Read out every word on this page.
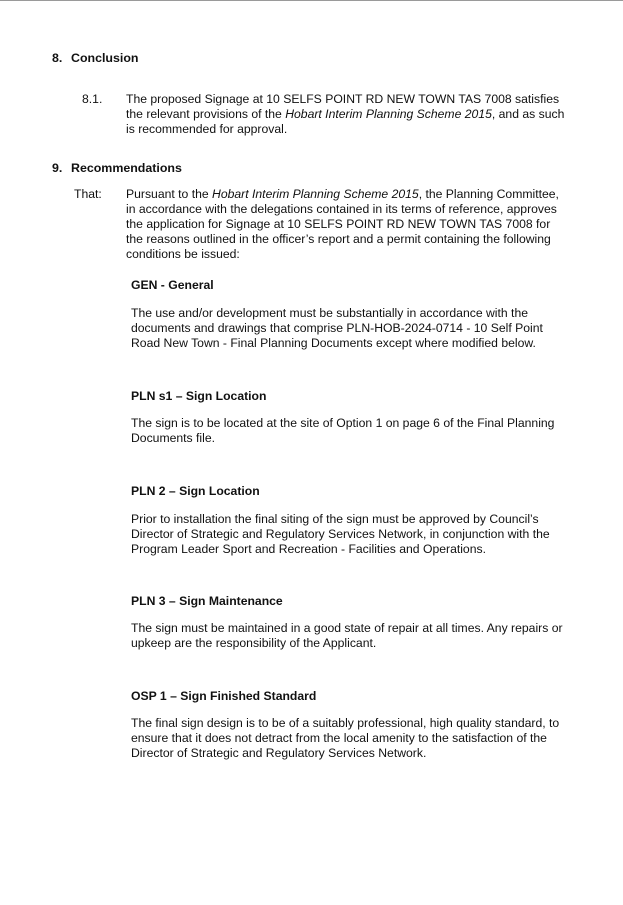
8. Conclusion
8.1. The proposed Signage at 10 SELFS POINT RD NEW TOWN TAS 7008 satisfies the relevant provisions of the Hobart Interim Planning Scheme 2015, and as such is recommended for approval.
9. Recommendations
That: Pursuant to the Hobart Interim Planning Scheme 2015, the Planning Committee, in accordance with the delegations contained in its terms of reference, approves the application for Signage at 10 SELFS POINT RD NEW TOWN TAS 7008 for the reasons outlined in the officer’s report and a permit containing the following conditions be issued:
GEN - General
The use and/or development must be substantially in accordance with the documents and drawings that comprise PLN-HOB-2024-0714 - 10 Self Point Road New Town - Final Planning Documents except where modified below.
PLN s1 – Sign Location
The sign is to be located at the site of Option 1 on page 6 of the Final Planning Documents file.
PLN 2 – Sign Location
Prior to installation the final siting of the sign must be approved by Council’s Director of Strategic and Regulatory Services Network, in conjunction with the Program Leader Sport and Recreation - Facilities and Operations.
PLN 3 – Sign Maintenance
The sign must be maintained in a good state of repair at all times. Any repairs or upkeep are the responsibility of the Applicant.
OSP 1 – Sign Finished Standard
The final sign design is to be of a suitably professional, high quality standard, to ensure that it does not detract from the local amenity to the satisfaction of the Director of Strategic and Regulatory Services Network.
